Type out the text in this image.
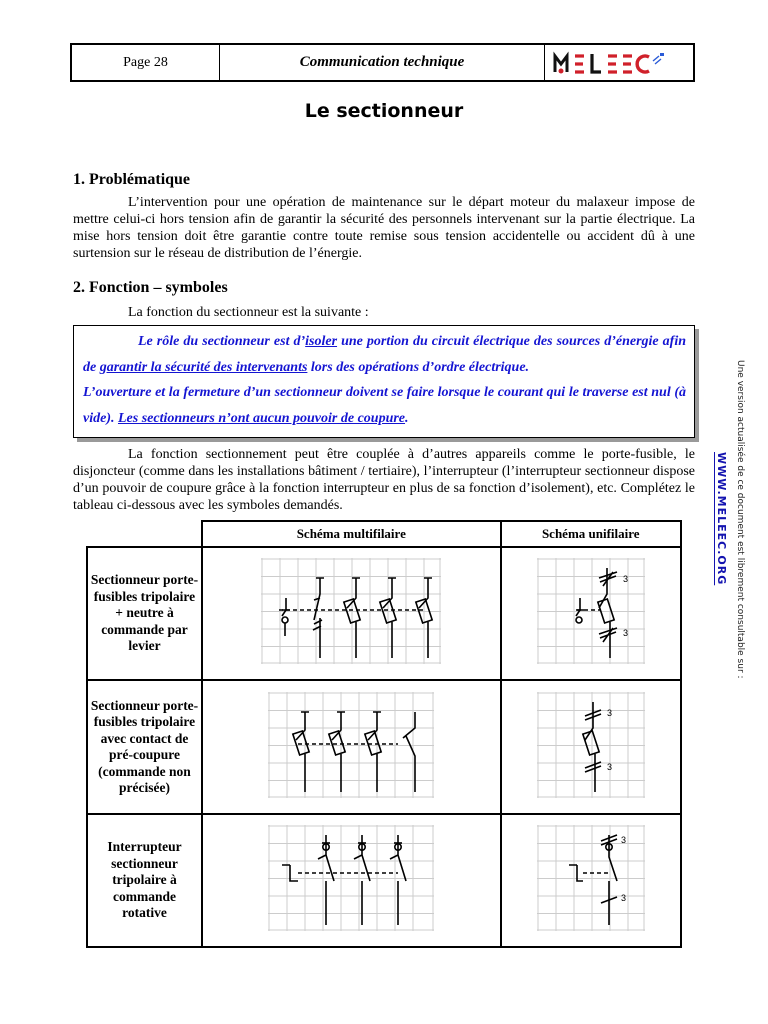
Page 28	Communication technique
Le sectionneur
1. Problématique

L’intervention pour une opération de maintenance sur le départ moteur du malaxeur impose de mettre celui-ci hors tension afin de garantir la sécurité des personnels intervenant sur la partie électrique. La mise hors tension doit être garantie contre toute remise sous tension accidentelle ou accident dû à une surtension sur le réseau de distribution de l’énergie.

2. Fonction – symboles

La fonction du sectionneur est la suivante :

Le rôle du sectionneur est d’isoler une portion du circuit électrique des sources d’énergie afin de garantir la sécurité des intervenants lors des opérations d’ordre électrique.

L’ouverture et la fermeture d’un sectionneur doivent se faire lorsque le courant qui le traverse est nul (à vide). Les sectionneurs n’ont aucun pouvoir de coupure.

La fonction sectionnement peut être couplée à d’autres appareils comme le porte-fusible, le disjoncteur (comme dans les installations bâtiment / tertiaire), l’interrupteur (l’interrupteur sectionneur dispose d’un pouvoir de coupure grâce à la fonction interrupteur en plus de sa fonction d’isolement), etc. Complétez le tableau ci-dessous avec les symboles demandés.

	Schéma multifilaire	Schéma unifilaire
Sectionneur porte-fusibles tripolaire + neutre à commande par levier		3
3

Sectionneur porte-fusibles tripolaire avec contact de pré-coupure (commande non précisée)		3
3

Interrupteur sectionneur tripolaire à commande rotative		3
3
Une version actualisée de ce document est librement consultable sur :
WWW.MELEEC.ORG
